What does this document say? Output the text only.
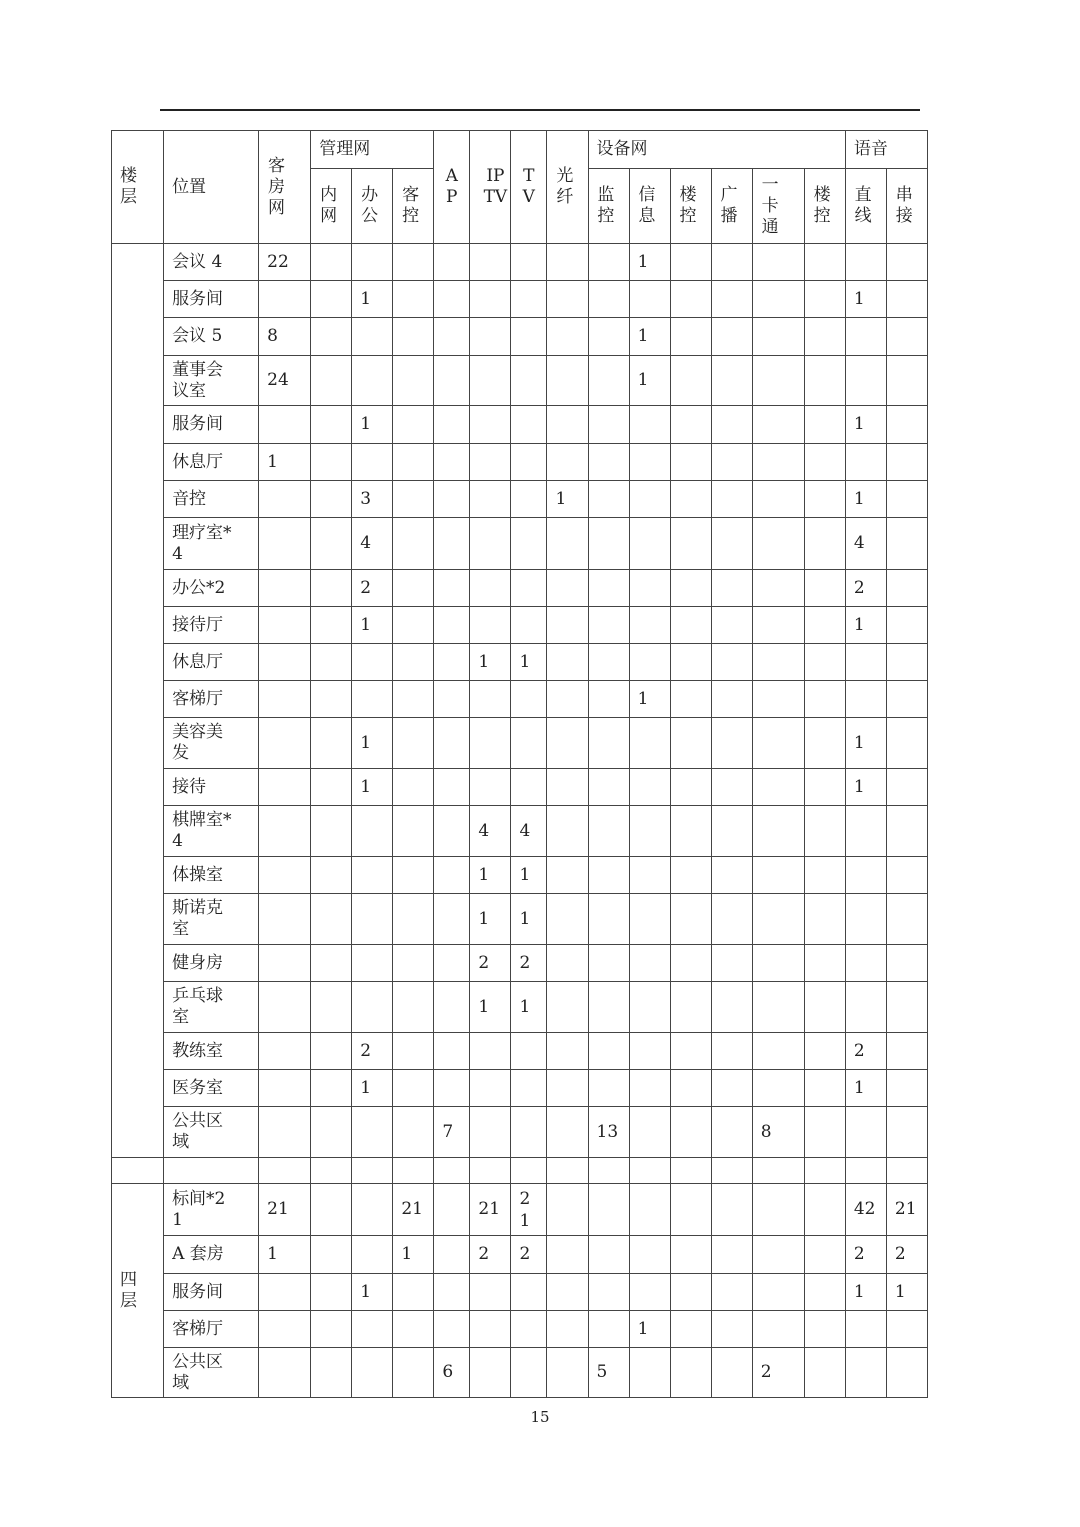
楼层	位置	客房网	管理网			AP	IP TV	TV	光纤	设备网						语音	
			内网	办公	客控					监控	信息	楼控	广播	一卡通	楼控	直线	串接

	会议 4	22									1						

	服务间			1												1	

	会议 5	8									1						

	董事会议室	24									1						

	服务间			1												1	

	休息厅	1															

	音控			3					1							1	

	理疗室*4			4												4	

	办公*2			2												2	

	接待厅			1												1	

	休息厅						1	1									

	客梯厅										1						

	美容美发			1												1	

	接待			1												1	

	棋牌室*4						4	4									

	体操室						1	1									

	斯诺克室						1	1									

	健身房						2	2									

	乒乓球室						1	1									

	教练室			2												2	

	医务室			1												1	

	公共区域					7				13				8			

四层	标间*21	21			21		21	21								42	21

	A 套房	1			1		2	2								2	2

	服务间			1												1	1

	客梯厅										1						

	公共区域					6				5				2			
15
